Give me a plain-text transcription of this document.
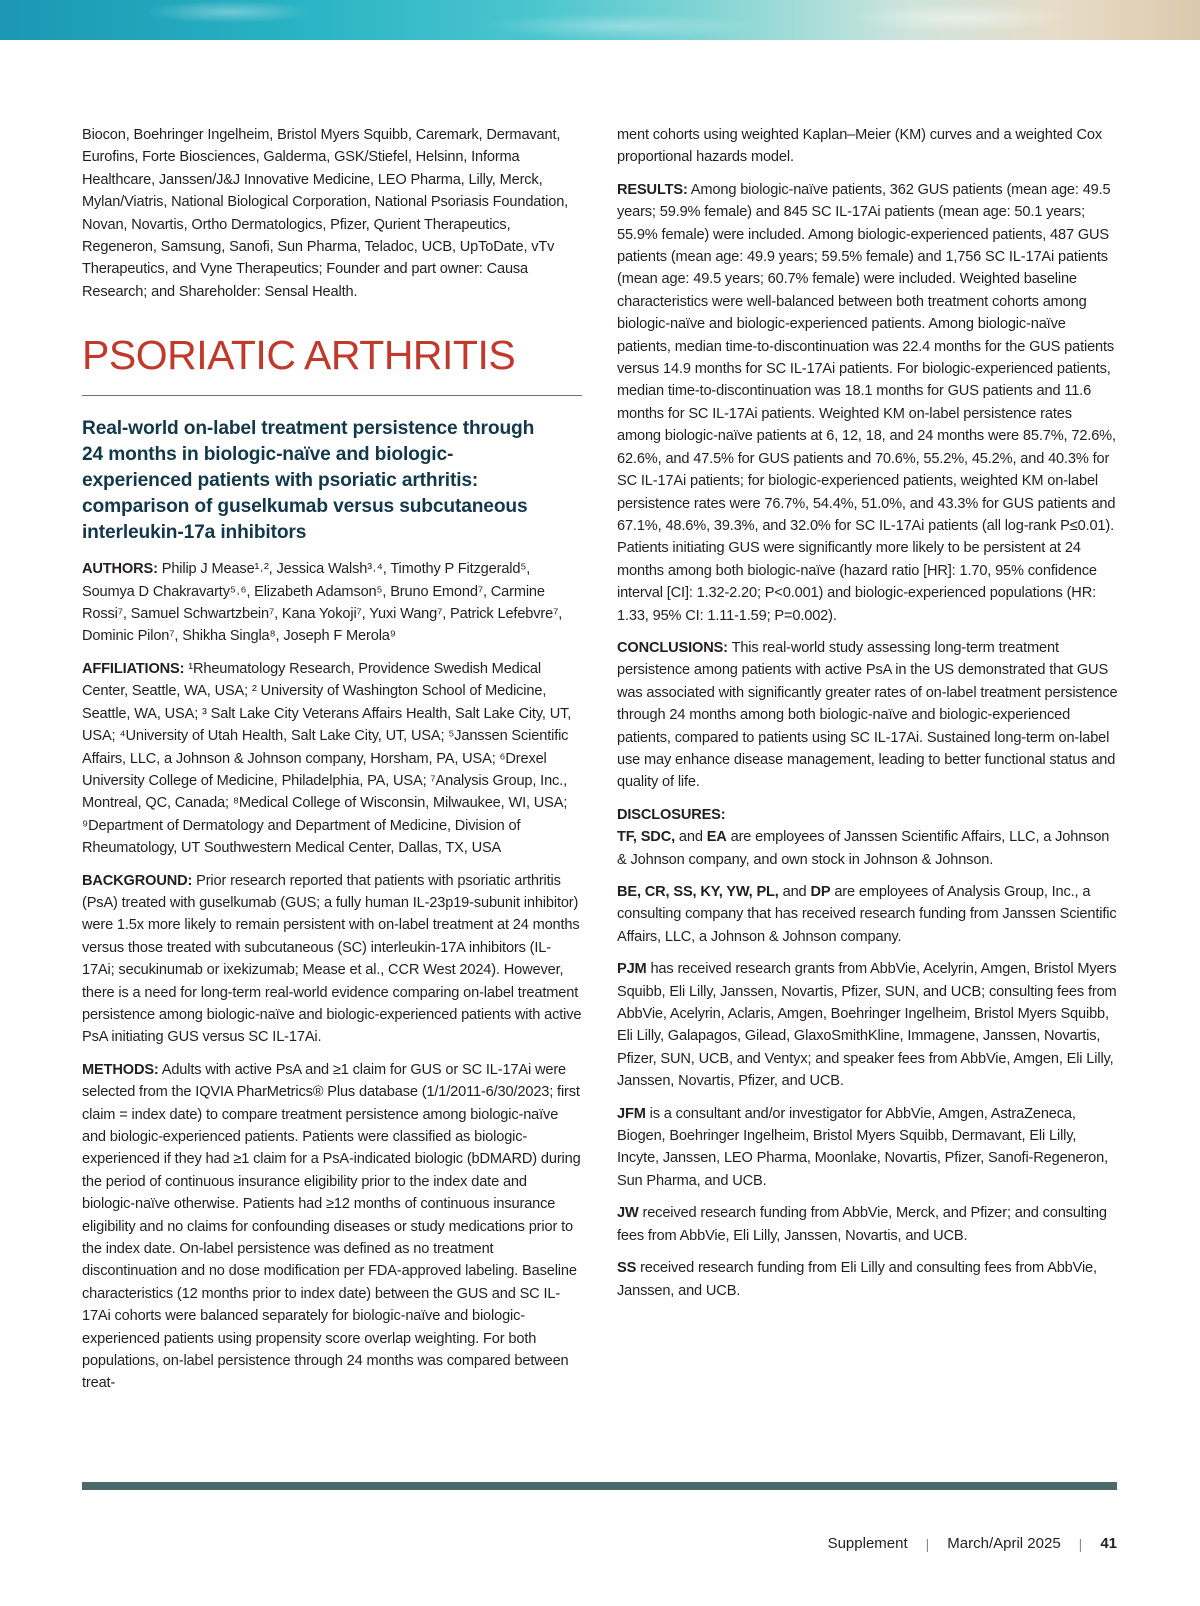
Biocon, Boehringer Ingelheim, Bristol Myers Squibb, Caremark, Dermavant, Eurofins, Forte Biosciences, Galderma, GSK/Stiefel, Helsinn, Informa Healthcare, Janssen/J&J Innovative Medicine, LEO Pharma, Lilly, Merck, Mylan/Viatris, National Biological Corporation, National Psoriasis Foundation, Novan, Novartis, Ortho Dermatologics, Pfizer, Qurient Therapeutics, Regeneron, Samsung, Sanofi, Sun Pharma, Teladoc, UCB, UpToDate, vTv Therapeutics, and Vyne Therapeutics; Founder and part owner: Causa Research; and Shareholder: Sensal Health.

PSORIATIC ARTHRITIS
Real-world on-label treatment persistence through 24 months in biologic-naïve and biologic-experienced patients with psoriatic arthritis: comparison of guselkumab versus subcutaneous interleukin-17a inhibitors

AUTHORS: Philip J Mease¹˒², Jessica Walsh³˒⁴, Timothy P Fitzgerald⁵, Soumya D Chakravarty⁵˒⁶, Elizabeth Adamson⁵, Bruno Emond⁷, Carmine Rossi⁷, Samuel Schwartzbein⁷, Kana Yokoji⁷, Yuxi Wang⁷, Patrick Lefebvre⁷, Dominic Pilon⁷, Shikha Singla⁸, Joseph F Merola⁹

AFFILIATIONS: ¹Rheumatology Research, Providence Swedish Medical Center, Seattle, WA, USA; ² University of Washington School of Medicine, Seattle, WA, USA; ³ Salt Lake City Veterans Affairs Health, Salt Lake City, UT, USA; ⁴University of Utah Health, Salt Lake City, UT, USA; ⁵Janssen Scientific Affairs, LLC, a Johnson & Johnson company, Horsham, PA, USA; ⁶Drexel University College of Medicine, Philadelphia, PA, USA; ⁷Analysis Group, Inc., Montreal, QC, Canada; ⁸Medical College of Wisconsin, Milwaukee, WI, USA; ⁹Department of Dermatology and Department of Medicine, Division of Rheumatology, UT Southwestern Medical Center, Dallas, TX, USA

BACKGROUND: Prior research reported that patients with psoriatic arthritis (PsA) treated with guselkumab (GUS; a fully human IL-23p19-subunit inhibitor) were 1.5x more likely to remain persistent with on-label treatment at 24 months versus those treated with subcutaneous (SC) interleukin-17A inhibitors (IL-17Ai; secukinumab or ixekizumab; Mease et al., CCR West 2024). However, there is a need for long-term real-world evidence comparing on-label treatment persistence among biologic-naïve and biologic-experienced patients with active PsA initiating GUS versus SC IL-17Ai.

METHODS: Adults with active PsA and ≥1 claim for GUS or SC IL-17Ai were selected from the IQVIA PharMetrics® Plus database (1/1/2011-6/30/2023; first claim = index date) to compare treatment persistence among biologic-naïve and biologic-experienced patients. Patients were classified as biologic-experienced if they had ≥1 claim for a PsA-indicated biologic (bDMARD) during the period of continuous insurance eligibility prior to the index date and biologic-naïve otherwise. Patients had ≥12 months of continuous insurance eligibility and no claims for confounding diseases or study medications prior to the index date. On-label persistence was defined as no treatment discontinuation and no dose modification per FDA-approved labeling. Baseline characteristics (12 months prior to index date) between the GUS and SC IL-17Ai cohorts were balanced separately for biologic-naïve and biologic-experienced patients using propensity score overlap weighting. For both populations, on-label persistence through 24 months was compared between treat-

ment cohorts using weighted Kaplan–Meier (KM) curves and a weighted Cox proportional hazards model.

RESULTS: Among biologic-naïve patients, 362 GUS patients (mean age: 49.5 years; 59.9% female) and 845 SC IL-17Ai patients (mean age: 50.1 years; 55.9% female) were included. Among biologic-experienced patients, 487 GUS patients (mean age: 49.9 years; 59.5% female) and 1,756 SC IL-17Ai patients (mean age: 49.5 years; 60.7% female) were included. Weighted baseline characteristics were well-balanced between both treatment cohorts among biologic-naïve and biologic-experienced patients. Among biologic-naïve patients, median time-to-discontinuation was 22.4 months for the GUS patients versus 14.9 months for SC IL-17Ai patients. For biologic-experienced patients, median time-to-discontinuation was 18.1 months for GUS patients and 11.6 months for SC IL-17Ai patients. Weighted KM on-label persistence rates among biologic-naïve patients at 6, 12, 18, and 24 months were 85.7%, 72.6%, 62.6%, and 47.5% for GUS patients and 70.6%, 55.2%, 45.2%, and 40.3% for SC IL-17Ai patients; for biologic-experienced patients, weighted KM on-label persistence rates were 76.7%, 54.4%, 51.0%, and 43.3% for GUS patients and 67.1%, 48.6%, 39.3%, and 32.0% for SC IL-17Ai patients (all log-rank P≤0.01). Patients initiating GUS were significantly more likely to be persistent at 24 months among both biologic-naïve (hazard ratio [HR]: 1.70, 95% confidence interval [CI]: 1.32-2.20; P<0.001) and biologic-experienced populations (HR: 1.33, 95% CI: 1.11-1.59; P=0.002).

CONCLUSIONS: This real-world study assessing long-term treatment persistence among patients with active PsA in the US demonstrated that GUS was associated with significantly greater rates of on-label treatment persistence through 24 months among both biologic-naïve and biologic-experienced patients, compared to patients using SC IL-17Ai. Sustained long-term on-label use may enhance disease management, leading to better functional status and quality of life.

DISCLOSURES:

TF, SDC, and EA are employees of Janssen Scientific Affairs, LLC, a Johnson & Johnson company, and own stock in Johnson & Johnson.

BE, CR, SS, KY, YW, PL, and DP are employees of Analysis Group, Inc., a consulting company that has received research funding from Janssen Scientific Affairs, LLC, a Johnson & Johnson company.

PJM has received research grants from AbbVie, Acelyrin, Amgen, Bristol Myers Squibb, Eli Lilly, Janssen, Novartis, Pfizer, SUN, and UCB; consulting fees from AbbVie, Acelyrin, Aclaris, Amgen, Boehringer Ingelheim, Bristol Myers Squibb, Eli Lilly, Galapagos, Gilead, GlaxoSmithKline, Immagene, Janssen, Novartis, Pfizer, SUN, UCB, and Ventyx; and speaker fees from AbbVie, Amgen, Eli Lilly, Janssen, Novartis, Pfizer, and UCB.

JFM is a consultant and/or investigator for AbbVie, Amgen, AstraZeneca, Biogen, Boehringer Ingelheim, Bristol Myers Squibb, Dermavant, Eli Lilly, Incyte, Janssen, LEO Pharma, Moonlake, Novartis, Pfizer, Sanofi-Regeneron, Sun Pharma, and UCB.

JW received research funding from AbbVie, Merck, and Pfizer; and consulting fees from AbbVie, Eli Lilly, Janssen, Novartis, and UCB.

SS received research funding from Eli Lilly and consulting fees from AbbVie, Janssen, and UCB.

Supplement | March/April 2025 | 41
